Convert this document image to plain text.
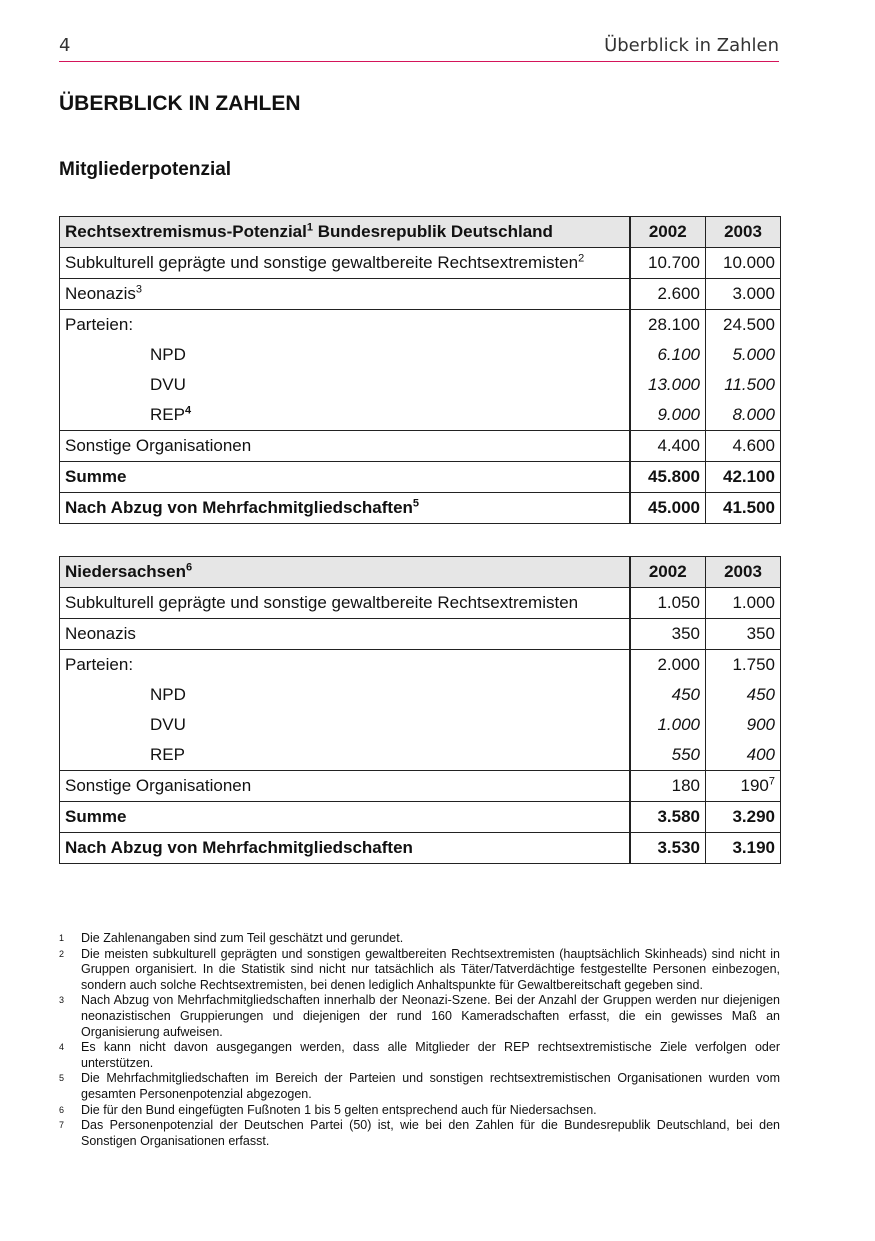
4	Überblick in Zahlen
ÜBERBLICK IN ZAHLEN
Mitgliederpotenzial
Rechtsextremismus-Potenzial$^1$ Bundesrepublik Deutschland	2002	2003
Subkulturell geprägte und sonstige gewaltbereite Rechtsextremisten$^2$	10.700	10.000
Neonazis$^3$	2.600	3.000
Parteien:	28.100	24.500
NPD	6.100	5.000
DVU	13.000	11.500
REP$^4$	9.000	8.000
Sonstige Organisationen	4.400	4.600
Summe	45.800	42.100
Nach Abzug von Mehrfachmitgliedschaften$^5$	45.000	41.500
Niedersachsen$^6$	2002	2003
Subkulturell geprägte und sonstige gewaltbereite Rechtsextremisten	1.050	1.000
Neonazis	350	350
Parteien:	2.000	1.750
NPD	450	450
DVU	1.000	900
REP	550	400
Sonstige Organisationen	180	$190^7$
Summe	3.580	3.290
Nach Abzug von Mehrfachmitgliedschaften	3.530	3.190
1	Die Zahlenangaben sind zum Teil geschätzt und gerundet.
2	Die meisten subkulturell geprägten und sonstigen gewaltbereiten Rechtsextremisten (hauptsächlich Skinheads) sind nicht in Gruppen organisiert. In die Statistik sind nicht nur tatsächlich als Täter/Tatverdächtige festgestellte Personen einbezogen, sondern auch solche Rechtsextremisten, bei denen lediglich Anhaltspunkte für Gewaltbereitschaft gegeben sind.
3	Nach Abzug von Mehrfachmitgliedschaften innerhalb der Neonazi-Szene. Bei der Anzahl der Gruppen werden nur diejenigen neonazistischen Gruppierungen und diejenigen der rund 160 Kameradschaften erfasst, die ein gewisses Maß an Organisierung aufweisen.
4	Es kann nicht davon ausgegangen werden, dass alle Mitglieder der REP rechtsextremistische Ziele verfolgen oder unterstützen.
5	Die Mehrfachmitgliedschaften im Bereich der Parteien und sonstigen rechtsextremistischen Organisationen wurden vom gesamten Personenpotenzial abgezogen.
6	Die für den Bund eingefügten Fußnoten 1 bis 5 gelten entsprechend auch für Niedersachsen.
7	Das Personenpotenzial der Deutschen Partei (50) ist, wie bei den Zahlen für die Bundesrepublik Deutschland, bei den Sonstigen Organisationen erfasst.
